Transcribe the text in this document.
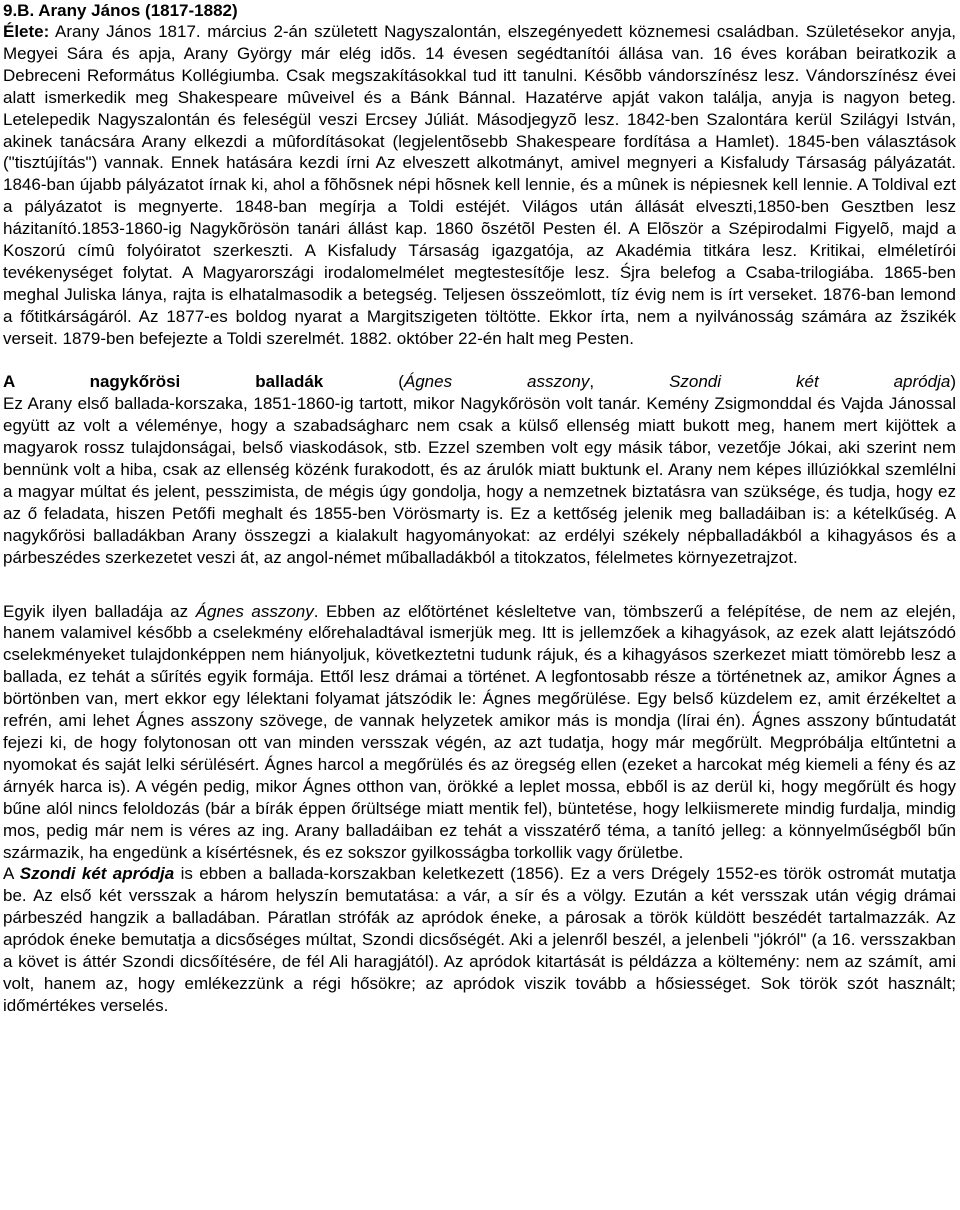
9.B. Arany János (1817-1882)

Élete: Arany János 1817. március 2-án született Nagyszalontán, elszegényedett köznemesi családban. Születésekor anyja, Megyei Sára és apja, Arany György már elég idõs. 14 évesen segédtanítói állása van. 16 éves korában beiratkozik a Debreceni Református Kollégiumba. Csak megszakításokkal tud itt tanulni. Késõbb vándorszínész lesz. Vándorszínész évei alatt ismerkedik meg Shakespeare mûveivel és a Bánk Bánnal. Hazatérve apját vakon találja, anyja is nagyon beteg. Letelepedik Nagyszalontán és feleségül veszi Ercsey Júliát. Másodjegyzõ lesz. 1842-ben Szalontára kerül Szilágyi István, akinek tanácsára Arany elkezdi a mûfordításokat (legjelentõsebb Shakespeare fordítása a Hamlet). 1845-ben választások ("tisztújítás") vannak. Ennek hatására kezdi írni Az elveszett alkotmányt, amivel megnyeri a Kisfaludy Társaság pályázatát. 1846-ban újabb pályázatot írnak ki, ahol a fõhõsnek népi hõsnek kell lennie, és a mûnek is népiesnek kell lennie. A Toldival ezt a pályázatot is megnyerte. 1848-ban megírja a Toldi estéjét. Világos után állását elveszti,1850-ben Gesztben lesz házitanító.1853-1860-ig Nagykõrösön tanári állást kap. 1860 õszétõl Pesten él. A Elõször a Szépirodalmi Figyelõ, majd a Koszorú címû folyóiratot szerkeszti. A Kisfaludy Társaság igazgatója, az Akadémia titkára lesz. Kritikai, elméletírói tevékenységet folytat. A Magyarországi irodalomelmélet megtestesítője lesz. Śjra belefog a Csaba-trilogiába. 1865-ben meghal Juliska lánya, rajta is elhatalmasodik a betegség. Teljesen összeömlott, tíz évig nem is írt verseket. 1876-ban lemond a főtitkárságáról. Az 1877-es boldog nyarat a Margitszigeten töltötte. Ekkor írta, nem a nyilvánosság számára az žszikék verseit. 1879-ben befejezte a Toldi szerelmét. 1882. október 22-én halt meg Pesten.

A nagykőrösi balladák (Ágnes asszony, Szondi két apródja)

Ez Arany első ballada-korszaka, 1851-1860-ig tartott, mikor Nagykőrösön volt tanár. Kemény Zsigmonddal és Vajda Jánossal együtt az volt a véleménye, hogy a szabadságharc nem csak a külső ellenség miatt bukott meg, hanem mert kijöttek a magyarok rossz tulajdonságai, belső viaskodások, stb. Ezzel szemben volt egy másik tábor, vezetője Jókai, aki szerint nem bennünk volt a hiba, csak az ellenség közénk furakodott, és az árulók miatt buktunk el. Arany nem képes illúziókkal szemlélni a magyar múltat és jelent, pesszimista, de mégis úgy gondolja, hogy a nemzetnek biztatásra van szüksége, és tudja, hogy ez az ő feladata, hiszen Petőfi meghalt és 1855-ben Vörösmarty is. Ez a kettőség jelenik meg balladáiban is: a kételkűség. A nagykőrösi balladákban Arany összegzi a kialakult hagyományokat: az erdélyi székely népballadákból a kihagyásos és a párbeszédes szerkezetet veszi át, az angol-német műballadákból a titokzatos, félelmetes környezetrajzot.

Egyik ilyen balladája az Ágnes asszony. Ebben az előtörténet késleltetve van, tömbszerű a felépítése, de nem az elején, hanem valamivel később a cselekmény előrehaladtával ismerjük meg. Itt is jellemzőek a kihagyások, az ezek alatt lejátszódó cselekményeket tulajdonképpen nem hiányoljuk, következtetni tudunk rájuk, és a kihagyásos szerkezet miatt tömörebb lesz a ballada, ez tehát a sűrítés egyik formája. Ettől lesz drámai a történet. A legfontosabb része a történetnek az, amikor Ágnes a börtönben van, mert ekkor egy lélektani folyamat játszódik le: Ágnes megőrülése. Egy belső küzdelem ez, amit érzékeltet a refrén, ami lehet Ágnes asszony szövege, de vannak helyzetek amikor más is mondja (lírai én). Ágnes asszony bűntudatát fejezi ki, de hogy folytonosan ott van minden versszak végén, az azt tudatja, hogy már megőrült. Megpróbálja eltűntetni a nyomokat és saját lelki sérülésért. Ágnes harcol a megőrülés és az öregség ellen (ezeket a harcokat még kiemeli a fény és az árnyék harca is). A végén pedig, mikor Ágnes otthon van, örökké a leplet mossa, ebből is az derül ki, hogy megőrült és hogy bűne alól nincs feloldozás (bár a bírák éppen őrültsége miatt mentik fel), büntetése, hogy lelkiismerete mindig furdalja, mindig mos, pedig már nem is véres az ing. Arany balladáiban ez tehát a visszatérő téma, a tanító jelleg: a könnyelműségből bűn származik, ha engedünk a kísértésnek, és ez sokszor gyilkosságba torkollik vagy őrületbe.
A Szondi két apródja is ebben a ballada-korszakban keletkezett (1856). Ez a vers Drégely 1552-es török ostromát mutatja be. Az első két versszak a három helyszín bemutatása: a vár, a sír és a völgy. Ezután a két versszak után végig drámai párbeszéd hangzik a balladában. Páratlan strófák az apródok éneke, a párosak a török küldött beszédét tartalmazzák. Az apródok éneke bemutatja a dicsőséges múltat, Szondi dicsőségét. Aki a jelenről beszél, a jelenbeli "jókról" (a 16. versszakban a követ is áttér Szondi dicsőítésére, de fél Ali haragjától). Az apródok kitartását is példázza a költemény: nem az számít, ami volt, hanem az, hogy emlékezzünk a régi hősökre; az apródok viszik tovább a hősiességet. Sok török szót használt; időmértékes verselés.
